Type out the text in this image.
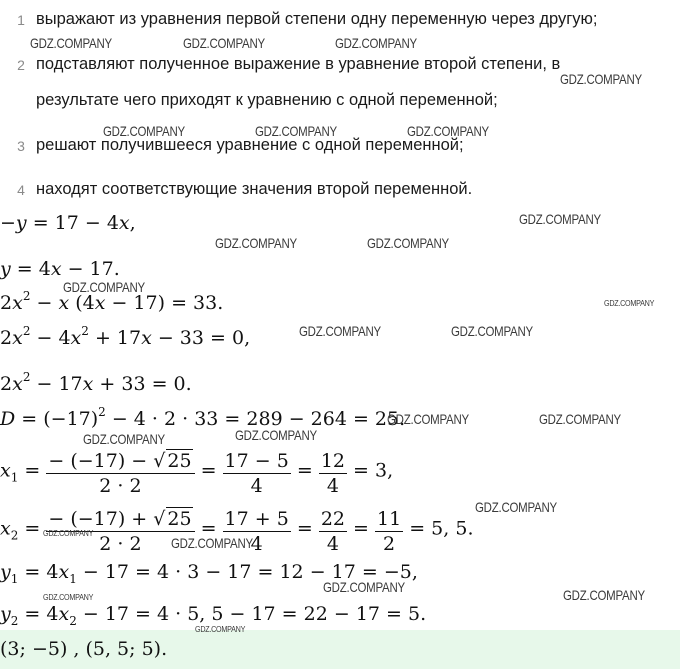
1 выражают из уравнения первой степени одну переменную через другую;
2 подставляют полученное выражение в уравнение второй степени, в
результате чего приходят к уравнению с одной переменной;
3 решают получившееся уравнение с одной переменной;
4 находят соответствующие значения второй переменной.
−y = 17 − 4x,
y = 4x − 17.
$2x^2 - x$ (4x − 17) = 33.
$2x^2 - 4x^2 + 17x - 33 = 0$,
$2x^2 - 17x + 33 = 0$.
$D = (-17)^2 - 4 \cdot 2 \cdot 33 = 289 - 264 = 25$.
$x_1 = \frac{- (-17) - √ 25}{2 \cdot 2} = \frac{17 - 5}{4} = \frac{12}{4} = 3$,
$x_2 = \frac{- (-17) + √ 25}{2 \cdot 2} = \frac{17 + 5}{4} = \frac{22}{4} = \frac{11}{2} = 5$, 5.
$y_1 = 4x_1 - 17 = 4 \cdot 3 - 17 = 12 - 17 = -5$,
$y_2 = 4x_2 - 17 = 4 \cdot 5$, 5 − 17 = 22 − 17 = 5.
(3; −5) , (5, 5; 5).
GDZ.COMPANY	GDZ.COMPANY	GDZ.COMPANY
GDZ.COMPANY
GDZ.COMPANY	GDZ.COMPANY	GDZ.COMPANY
GDZ.COMPANY
GDZ.COMPANY	GDZ.COMPANY
GDZ.COMPANY
GDZ.COMPANY
GDZ.COMPANY	GDZ.COMPANY
GDZ.COMPANY	GDZ.COMPANY
GDZ.COMPANY	GDZ.COMPANY
GDZ.COMPANY
GDZ.COMPANY
GDZ.COMPANY
GDZ.COMPANY	GDZ.COMPANY
GDZ.COMPANY
GDZ.COMPANY
